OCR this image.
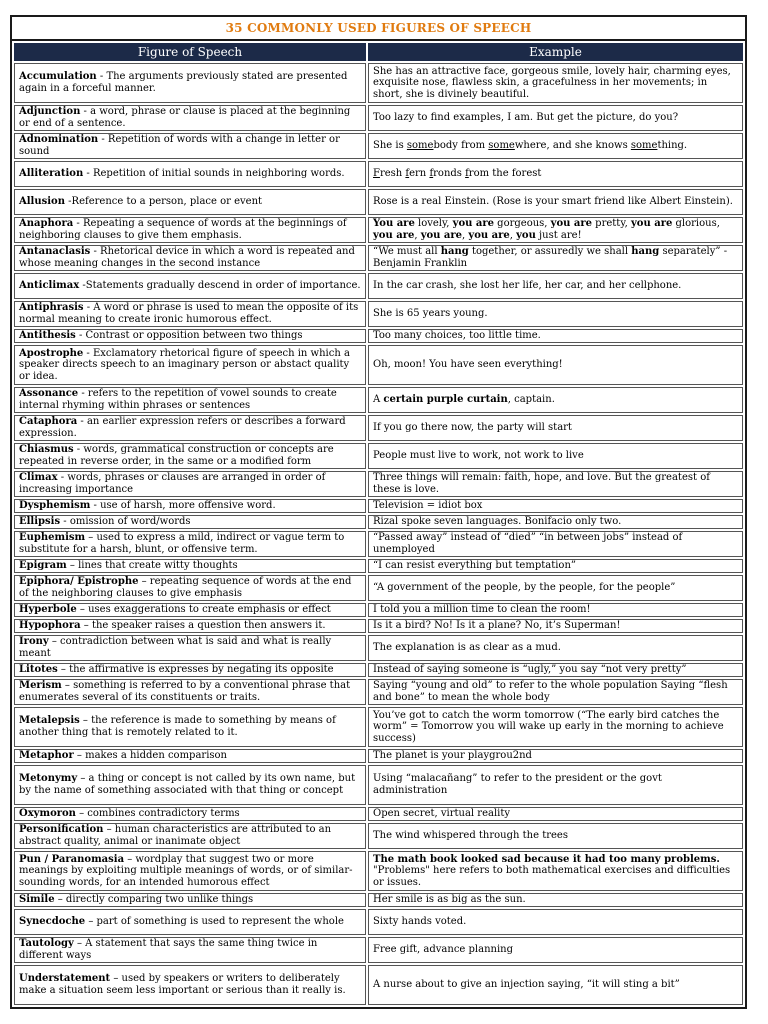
35 COMMONLY USED FIGURES OF SPEECH
Figure of Speech	Example
Accumulation - The arguments previously stated are presented again in a forceful manner.	She has an attractive face, gorgeous smile, lovely hair, charming eyes, exquisite nose, flawless skin, a gracefulness in her movements; in short, she is divinely beautiful.
Adjunction - a word, phrase or clause is placed at the beginning or end of a sentence.	Too lazy to find examples, I am. But get the picture, do you?
Adnomination - Repetition of words with a change in letter or sound	She is somebody from somewhere, and she knows something.
Alliteration - Repetition of initial sounds in neighboring words.	Fresh fern fronds from the forest
Allusion -Reference to a person, place or event	Rose is a real Einstein. (Rose is your smart friend like Albert Einstein).
Anaphora - Repeating a sequence of words at the beginnings of neighboring clauses to give them emphasis.	You are lovely, you are gorgeous, you are pretty, you are glorious, you are, you are, you are, you just are!
Antanaclasis - Rhetorical device in which a word is repeated and whose meaning changes in the second instance	“We must all hang together, or assuredly we shall hang separately” -Benjamin Franklin
Anticlimax -Statements gradually descend in order of importance.	In the car crash, she lost her life, her car, and her cellphone.
Antiphrasis - A word or phrase is used to mean the opposite of its normal meaning to create ironic humorous effect.	She is 65 years young.
Antithesis - Contrast or opposition between two things	Too many choices, too little time.
Apostrophe - Exclamatory rhetorical figure of speech in which a speaker directs speech to an imaginary person or abstact quality or idea.	Oh, moon! You have seen everything!
Assonance - refers to the repetition of vowel sounds to create internal rhyming within phrases or sentences	A certain purple curtain, captain.
Cataphora - an earlier expression refers or describes a forward expression.	If you go there now, the party will start
Chiasmus - words, grammatical construction or concepts are repeated in reverse order, in the same or a modified form	People must live to work, not work to live
Climax - words, phrases or clauses are arranged in order of increasing importance	Three things will remain: faith, hope, and love. But the greatest of these is love.
Dysphemism - use of harsh, more offensive word.	Television = idiot box
Ellipsis - omission of word/words	Rizal spoke seven languages. Bonifacio only two.
Euphemism – used to express a mild, indirect or vague term to substitute for a harsh, blunt, or offensive term.	“Passed away” instead of “died” “in between jobs” instead of unemployed
Epigram – lines that create witty thoughts	“I can resist everything but temptation”
Epiphora/ Epistrophe – repeating sequence of words at the end of the neighboring clauses to give emphasis	“A government of the people, by the people, for the people”
Hyperbole – uses exaggerations to create emphasis or effect	I told you a million time to clean the room!
Hypophora – the speaker raises a question then answers it.	Is it a bird? No! Is it a plane? No, it’s Superman!
Irony – contradiction between what is said and what is really meant	The explanation is as clear as a mud.
Litotes – the affirmative is expresses by negating its opposite	Instead of saying someone is “ugly,” you say “not very pretty”
Merism – something is referred to by a conventional phrase that enumerates several of its constituents or traits.	Saying “young and old” to refer to the whole population Saying “flesh and bone” to mean the whole body
Metalepsis – the reference is made to something by means of another thing that is remotely related to it.	You’ve got to catch the worm tomorrow (“The early bird catches the worm” = Tomorrow you will wake up early in the morning to achieve success)
Metaphor – makes a hidden comparison	The planet is your playgrou2nd
Metonymy – a thing or concept is not called by its own name, but by the name of something associated with that thing or concept	Using “malacañang” to refer to the president or the govt administration
Oxymoron – combines contradictory terms	Open secret, virtual reality
Personification – human characteristics are attributed to an abstract quality, animal or inanimate object	The wind whispered through the trees
Pun / Paranomasia – wordplay that suggest two or more meanings by exploiting multiple meanings of words, or of similar-sounding words, for an intended humorous effect	The math book looked sad because it had too many problems. "Problems" here refers to both mathematical exercises and difficulties or issues.
Simile – directly comparing two unlike things	Her smile is as big as the sun.
Synecdoche – part of something is used to represent the whole	Sixty hands voted.
Tautology – A statement that says the same thing twice in different ways	Free gift, advance planning
Understatement – used by speakers or writers to deliberately make a situation seem less important or serious than it really is.	A nurse about to give an injection saying, “it will sting a bit”
